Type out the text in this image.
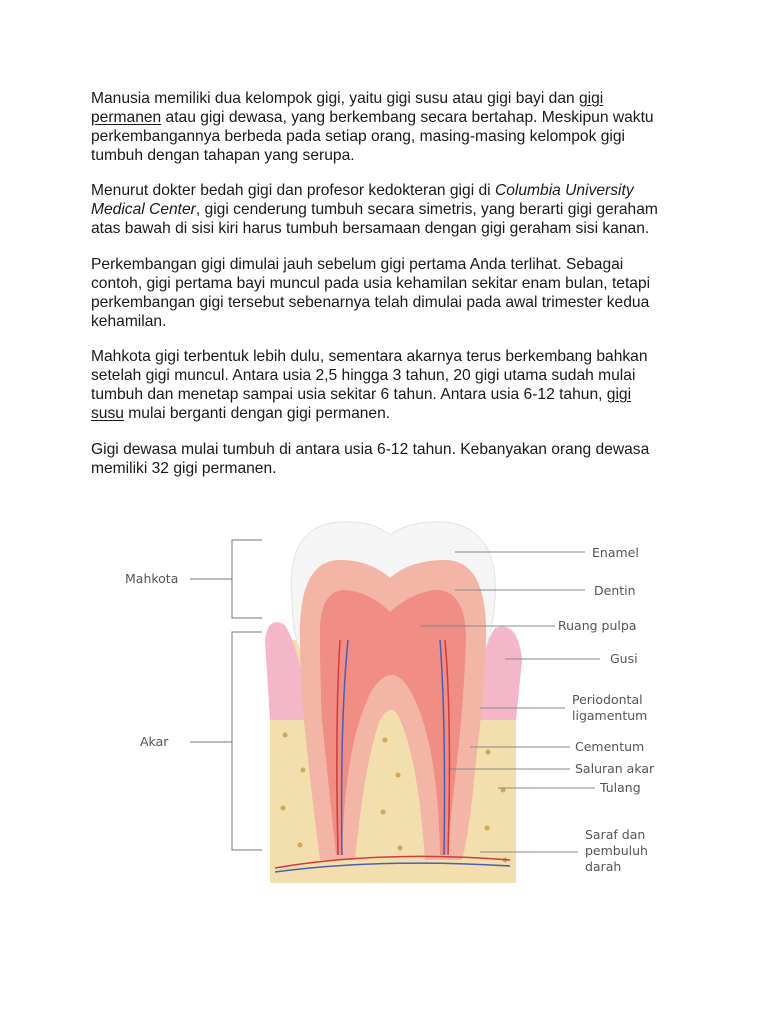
Manusia memiliki dua kelompok gigi, yaitu gigi susu atau gigi bayi dan gigi
permanen atau gigi dewasa, yang berkembang secara bertahap. Meskipun waktu
perkembangannya berbeda pada setiap orang, masing-masing kelompok gigi
tumbuh dengan tahapan yang serupa.
Menurut dokter bedah gigi dan profesor kedokteran gigi di Columbia University
Medical Center, gigi cenderung tumbuh secara simetris, yang berarti gigi geraham
atas bawah di sisi kiri harus tumbuh bersamaan dengan gigi geraham sisi kanan.
Perkembangan gigi dimulai jauh sebelum gigi pertama Anda terlihat. Sebagai
contoh, gigi pertama bayi muncul pada usia kehamilan sekitar enam bulan, tetapi
perkembangan gigi tersebut sebenarnya telah dimulai pada awal trimester kedua
kehamilan.
Mahkota gigi terbentuk lebih dulu, sementara akarnya terus berkembang bahkan
setelah gigi muncul. Antara usia 2,5 hingga 3 tahun, 20 gigi utama sudah mulai
tumbuh dan menetap sampai usia sekitar 6 tahun. Antara usia 6-12 tahun, gigi
susu mulai berganti dengan gigi permanen.
Gigi dewasa mulai tumbuh di antara usia 6-12 tahun. Kebanyakan orang dewasa
memiliki 32 gigi permanen.
Mahkota
Akar
Enamel
Dentin
Ruang pulpa
Gusi
Periodontal
ligamentum
Cementum
Saluran akar
Tulang
Saraf dan
pembuluh
darah
